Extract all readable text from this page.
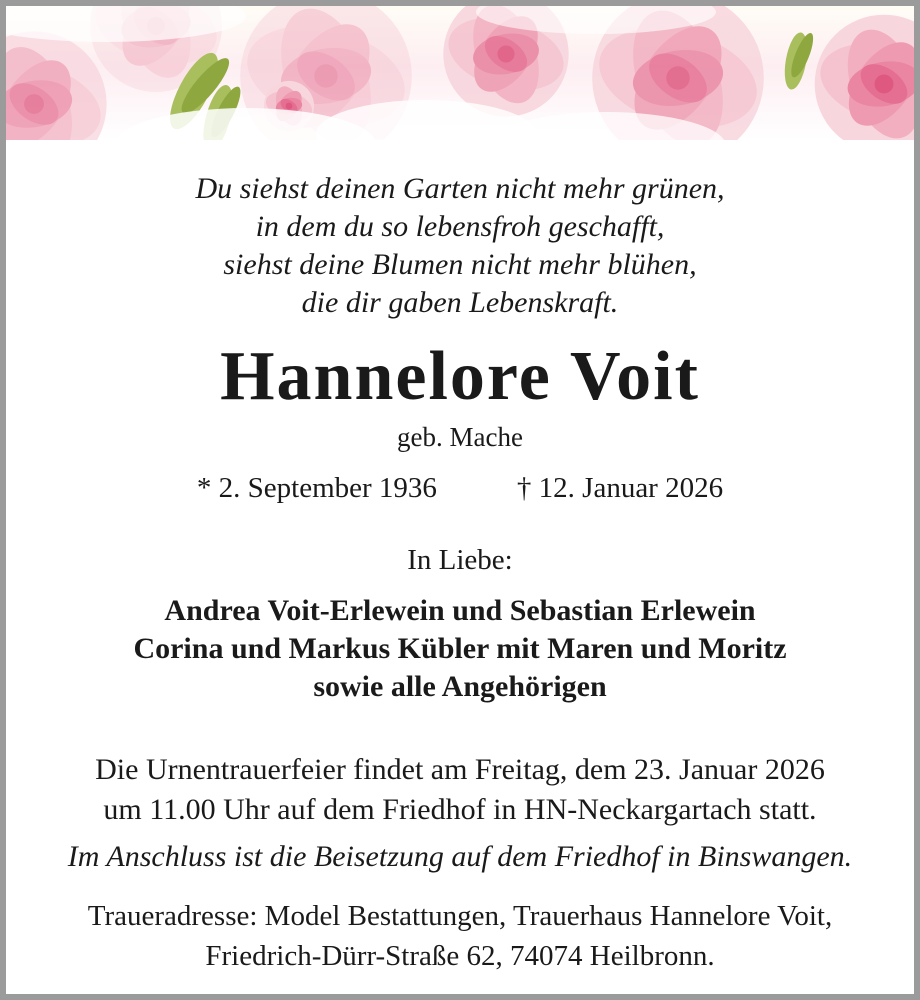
Du siehst deinen Garten nicht mehr grünen,

in dem du so lebensfroh geschafft,

siehst deine Blumen nicht mehr blühen,

die dir gaben Lebenskraft.

Hannelore Voit
geb. Mache
* 2. September 1936	† 12. Januar 2026
In Liebe:

Andrea Voit-Erlewein und Sebastian Erlewein

Corina und Markus Kübler mit Maren und Moritz

sowie alle Angehörigen

Die Urnentrauerfeier findet am Freitag, dem 23. Januar 2026

um 11.00 Uhr auf dem Friedhof in HN-Neckargartach statt.

Im Anschluss ist die Beisetzung auf dem Friedhof in Binswangen.

Traueradresse: Model Bestattungen, Trauerhaus Hannelore Voit,

Friedrich-Dürr-Straße 62, 74074 Heilbronn.
